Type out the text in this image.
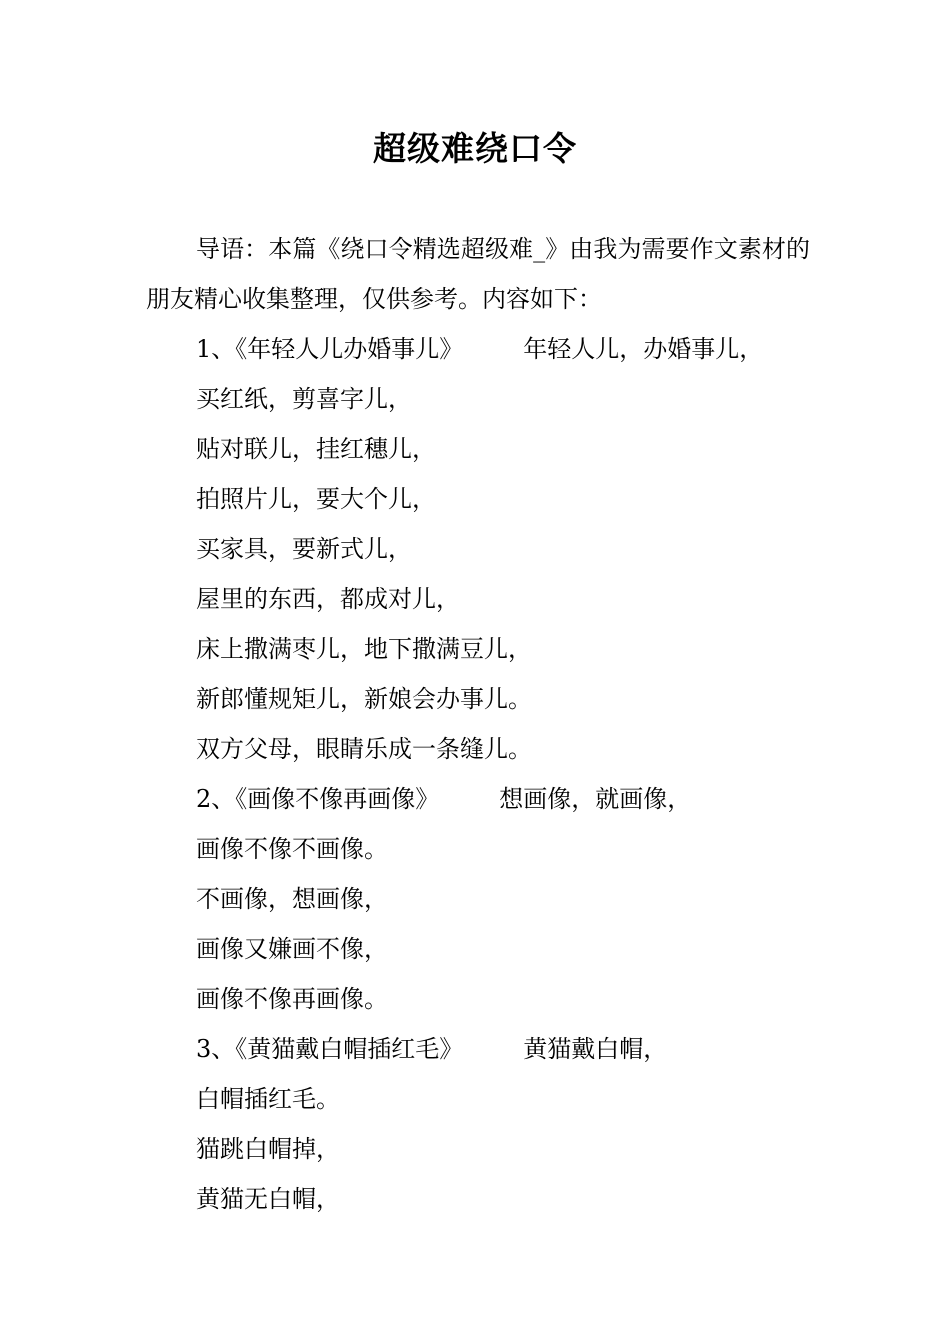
超级难绕口令
导语：本篇《绕口令精选超级难_》由我为需要作文素材的朋友精心收集整理，仅供参考。内容如下：
1、《年轻人儿办婚事儿》	年轻人儿，办婚事儿，
买红纸，剪喜字儿，
贴对联儿，挂红穗儿，
拍照片儿，要大个儿，
买家具，要新式儿，
屋里的东西，都成对儿，
床上撒满枣儿，地下撒满豆儿，
新郎懂规矩儿，新娘会办事儿。
双方父母，眼睛乐成一条缝儿。
2、《画像不像再画像》	想画像，就画像，
画像不像不画像。
不画像，想画像，
画像又嫌画不像，
画像不像再画像。
3、《黄猫戴白帽插红毛》	黄猫戴白帽，
白帽插红毛。
猫跳白帽掉，
黄猫无白帽，
